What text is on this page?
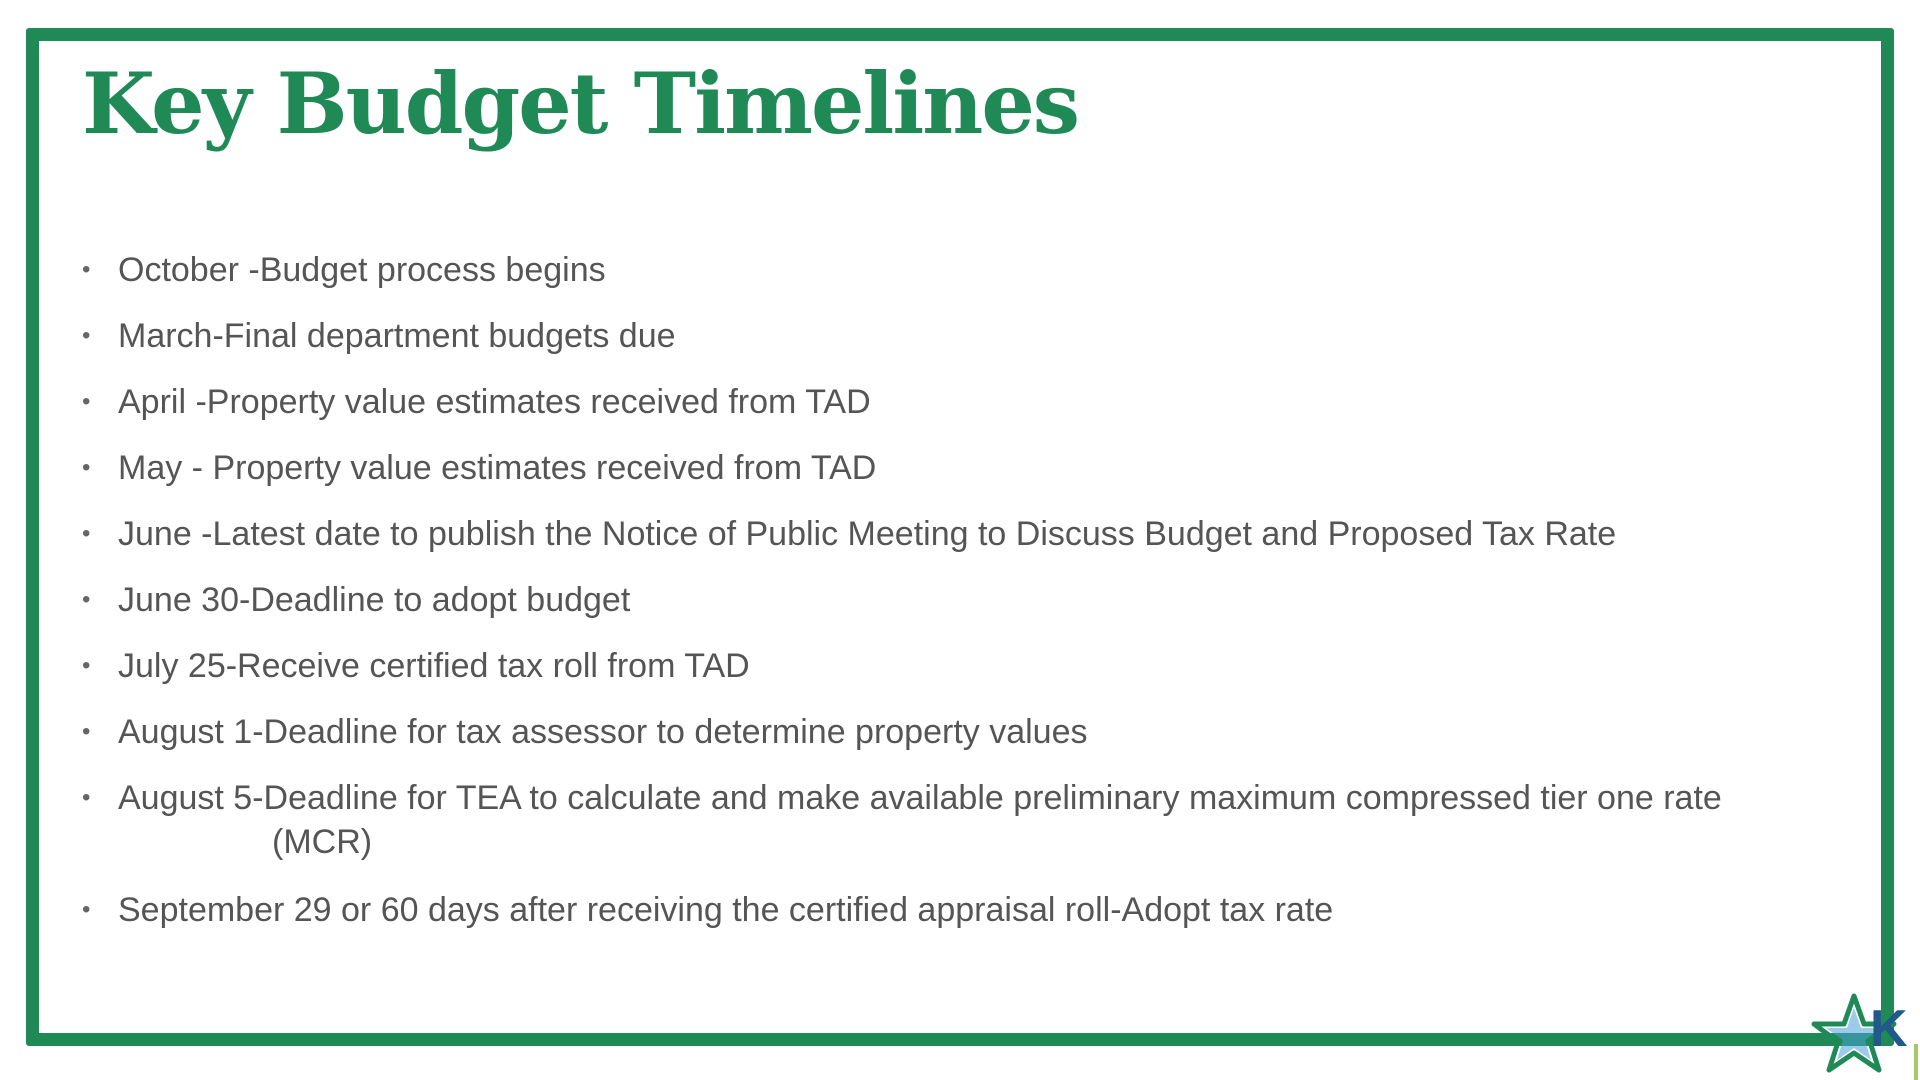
Key Budget Timelines
• October -Budget process begins
• March-Final department budgets due
• April -Property value estimates received from TAD
• May - Property value estimates received from TAD
• June -Latest date to publish the Notice of Public Meeting to Discuss Budget and Proposed Tax Rate
• June 30-Deadline to adopt budget
• July 25-Receive certified tax roll from TAD
• August 1-Deadline for tax assessor to determine property values
• August 5-Deadline for TEA to calculate and make available preliminary maximum compressed tier one rate
(MCR)
• September 29 or 60 days after receiving the certified appraisal roll-Adopt tax rate
K
